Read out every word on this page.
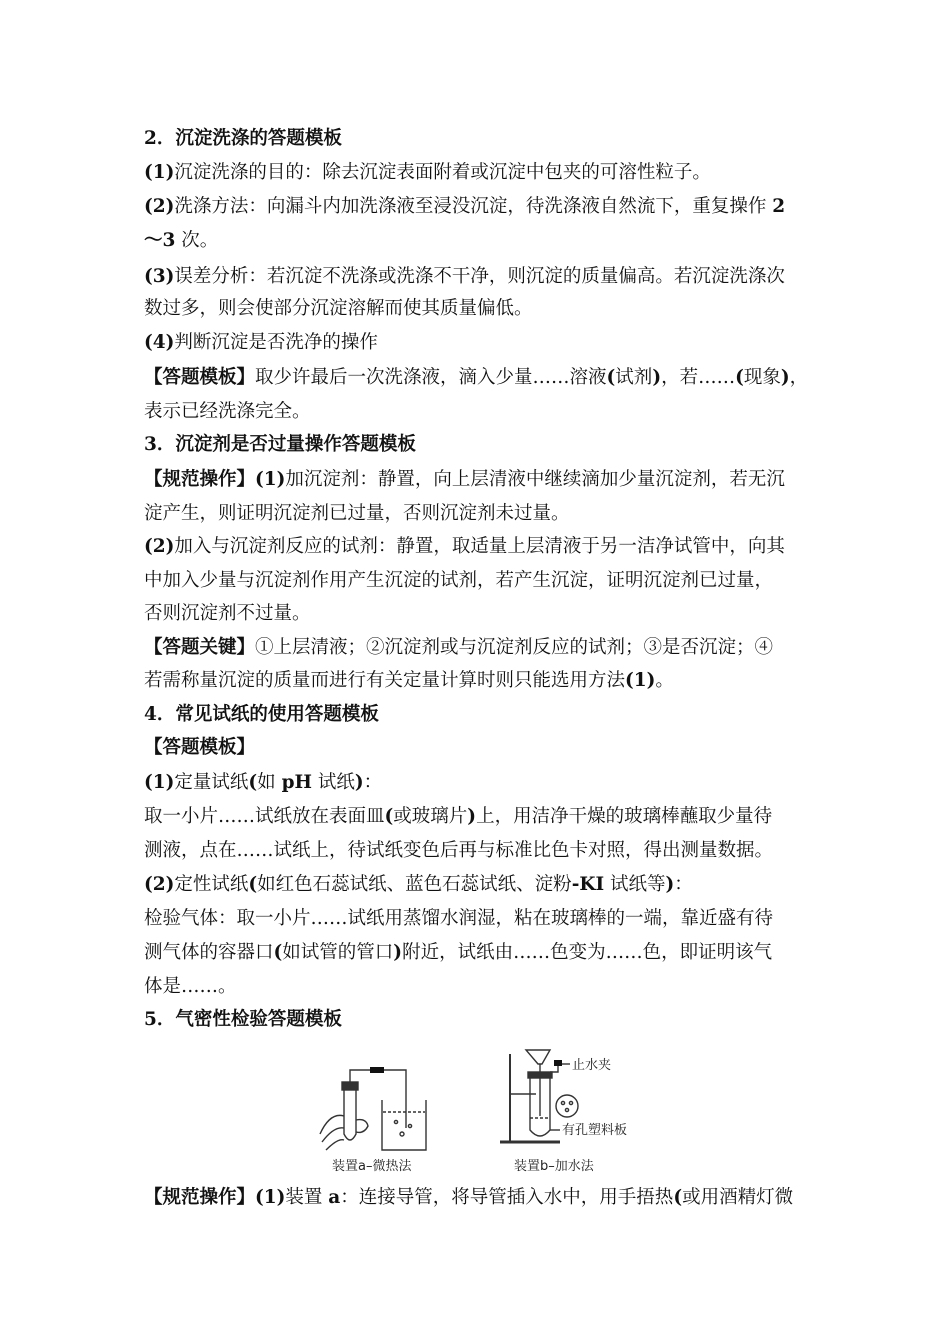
2．沉淀洗涤的答题模板
(1)沉淀洗涤的目的：除去沉淀表面附着或沉淀中包夹的可溶性粒子。
(2)洗涤方法：向漏斗内加洗涤液至浸没沉淀，待洗涤液自然流下，重复操作 2
～3 次。
(3)误差分析：若沉淀不洗涤或洗涤不干净，则沉淀的质量偏高。若沉淀洗涤次
数过多，则会使部分沉淀溶解而使其质量偏低。
(4)判断沉淀是否洗净的操作
【答题模板】取少许最后一次洗涤液，滴入少量……溶液(试剂)，若……(现象)，
表示已经洗涤完全。
3．沉淀剂是否过量操作答题模板
【规范操作】(1)加沉淀剂：静置，向上层清液中继续滴加少量沉淀剂，若无沉
淀产生，则证明沉淀剂已过量，否则沉淀剂未过量。
(2)加入与沉淀剂反应的试剂：静置，取适量上层清液于另一洁净试管中，向其
中加入少量与沉淀剂作用产生沉淀的试剂，若产生沉淀，证明沉淀剂已过量，
否则沉淀剂不过量。
【答题关键】①上层清液；②沉淀剂或与沉淀剂反应的试剂；③是否沉淀；④
若需称量沉淀的质量而进行有关定量计算时则只能选用方法(1)。
4．常见试纸的使用答题模板
【答题模板】
(1)定量试纸(如 pH 试纸)：
取一小片……试纸放在表面皿(或玻璃片)上，用洁净干燥的玻璃棒蘸取少量待
测液，点在……试纸上，待试纸变色后再与标准比色卡对照，得出测量数据。
(2)定性试纸(如红色石蕊试纸、蓝色石蕊试纸、淀粉-KI 试纸等)：
检验气体：取一小片……试纸用蒸馏水润湿，粘在玻璃棒的一端，靠近盛有待
测气体的容器口(如试管的管口)附近，试纸由……色变为……色，即证明该气
体是……。
5．气密性检验答题模板
【规范操作】(1)装置 a：连接导管，将导管插入水中，用手捂热(或用酒精灯微
装置a–微热法
止水夹
有孔塑料板
装置b–加水法
